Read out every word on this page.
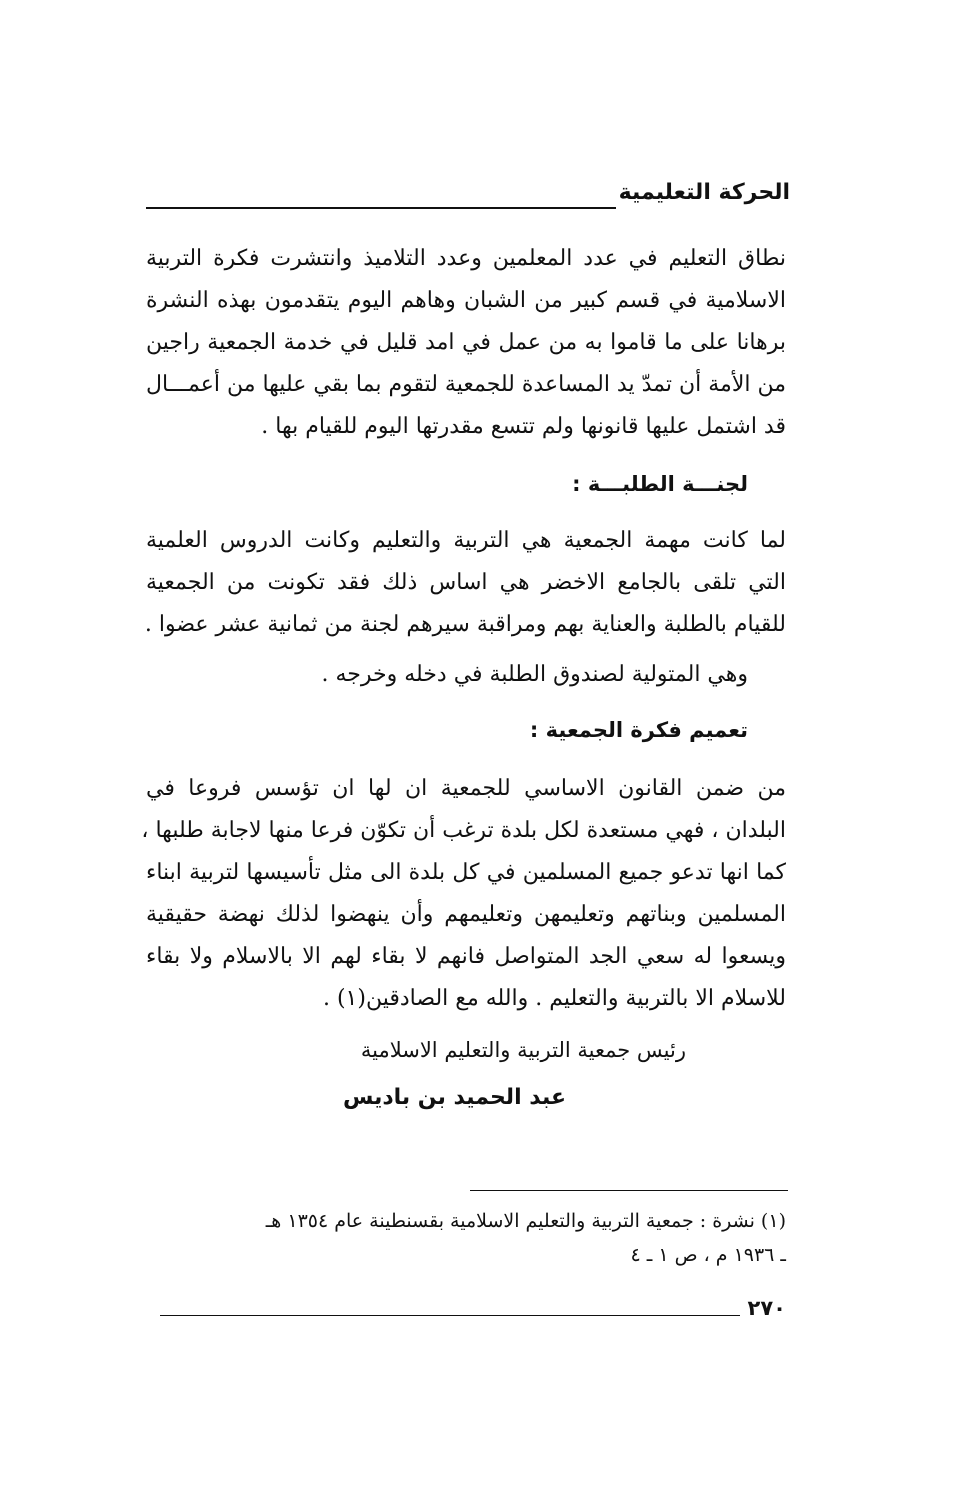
الحركة التعليمية
نطاق التعليم في عدد المعلمين وعدد التلاميذ وانتشرت فكرة التربية
الاسلامية في قسم كبير من الشبان وهاهم اليوم يتقدمون بهذه النشرة
برهانا على ما قاموا به من عمل في امد قليل في خدمة الجمعية راجين
من الأمة أن تمدّ يد المساعدة للجمعية لتقوم بما بقي عليها من أعمـــال
قد اشتمل عليها قانونها ولم تتسع مقدرتها اليوم للقيام بها .
لجنـــة الطلبـــة :
لما كانت مهمة الجمعية هي التربية والتعليم وكانت الدروس العلمية
التي تلقى بالجامع الاخضر هي اساس ذلك فقد تكونت من الجمعية
للقيام بالطلبة والعناية بهم ومراقبة سيرهم لجنة من ثمانية عشر عضوا .
وهي المتولية لصندوق الطلبة في دخله وخرجه .
تعميم فكرة الجمعية :
من ضمن القانون الاساسي للجمعية ان لها ان تؤسس فروعا في
البلدان ، فهي مستعدة لكل بلدة ترغب أن تكوّن فرعا منها لاجابة طلبها ،
كما انها تدعو جميع المسلمين في كل بلدة الى مثل تأسيسها لتربية ابناء
المسلمين وبناتهم وتعليمهن وتعليمهم وأن ينهضوا لذلك نهضة حقيقية
ويسعوا له سعي الجد المتواصل فانهم لا بقاء لهم الا بالاسلام ولا بقاء
للاسلام الا بالتربية والتعليم . والله مع الصادقين(١) .
رئيس جمعية التربية والتعليم الاسلامية
عبد الحميد بن باديس
(١) نشرة : جمعية التربية والتعليم الاسلامية بقسنطينة عام ١٣٥٤ هـ
ـ ١٩٣٦ م ، ص ١ ـ ٤
٢٧٠
